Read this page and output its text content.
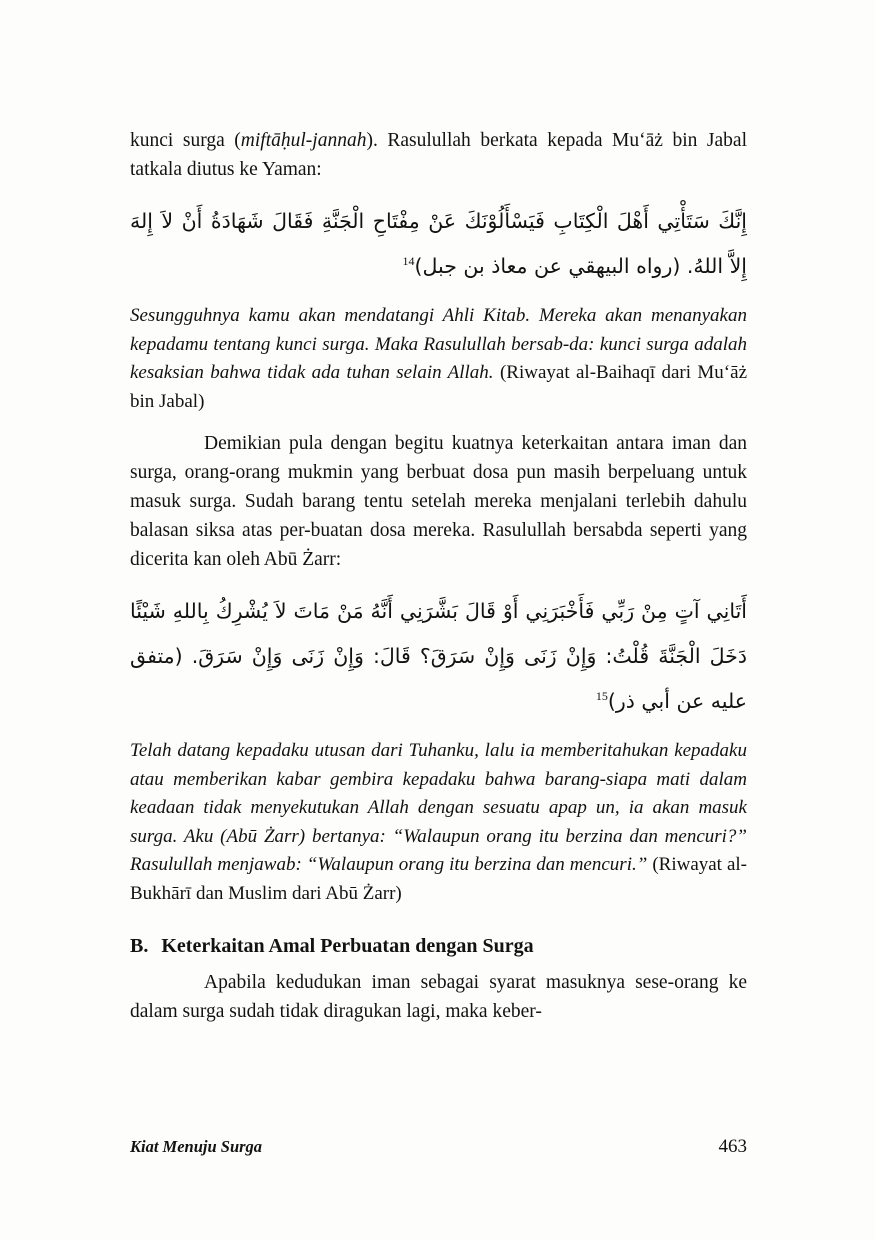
kunci surga (miftāḥul-jannah). Rasulullah berkata kepada Muʻāż bin Jabal tatkala diutus ke Yaman:

إِنَّكَ سَتَأْتِي أَهْلَ الْكِتَابِ فَيَسْأَلُوْنَكَ عَنْ مِفْتَاحِ الْجَنَّةِ فَقَالَ شَهَادَةُ أَنْ لاَ إِلهَ إِلاَّ اللهُ. (رواه البيهقي عن معاذ بن جبل)$^{14}$

Sesungguhnya kamu akan mendatangi Ahli Kitab. Mereka akan menanyakan kepadamu tentang kunci surga. Maka Rasulullah bersab-da: kunci surga adalah kesaksian bahwa tidak ada tuhan selain Allah. (Riwayat al-Baihaqī dari Muʻāż bin Jabal)

Demikian pula dengan begitu kuatnya keterkaitan antara iman dan surga, orang-orang mukmin yang berbuat dosa pun masih berpeluang untuk masuk surga. Sudah barang tentu setelah mereka menjalani terlebih dahulu balasan siksa atas per-buatan dosa mereka. Rasulullah bersabda seperti yang dicerita kan oleh Abū Żarr:

أَتَانِي آتٍ مِنْ رَبِّي فَأَخْبَرَنِي أَوْ قَالَ بَشَّرَنِي أَنَّهُ مَنْ مَاتَ لاَ يُشْرِكُ بِاللهِ شَيْئًا دَخَلَ الْجَنَّةَ قُلْتُ: وَإِنْ زَنَى وَإِنْ سَرَقَ؟ قَالَ: وَإِنْ زَنَى وَإِنْ سَرَقَ. (متفق عليه عن أبي ذر)$^{15}$

Telah datang kepadaku utusan dari Tuhanku, lalu ia memberitahukan kepadaku atau memberikan kabar gembira kepadaku bahwa barang-siapa mati dalam keadaan tidak menyekutukan Allah dengan sesuatu apap un, ia akan masuk surga. Aku (Abū Żarr) bertanya: “Walaupun orang itu berzina dan mencuri?” Rasulullah menjawab: “Walaupun orang itu berzina dan mencuri.” (Riwayat al-Bukhārī dan Muslim dari Abū Żarr)

B. Keterkaitan Amal Perbuatan dengan Surga

Apabila kedudukan iman sebagai syarat masuknya sese-orang ke dalam surga sudah tidak diragukan lagi, maka keber-

Kiat Menuju Surga	463
